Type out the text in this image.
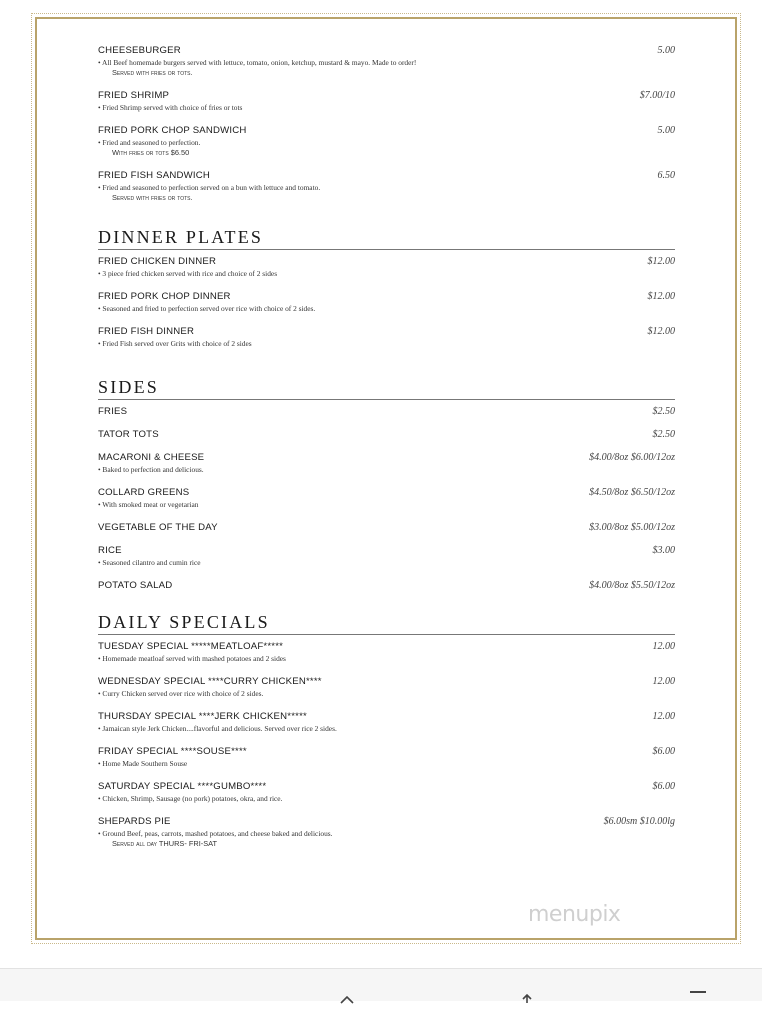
CHEESEBURGER	5.00
• All Beef homemade burgers served with lettuce, tomato, onion, ketchup, mustard & mayo. Made to order!
Served with fries or tots.
FRIED SHRIMP	$7.00/10
• Fried Shrimp served with choice of fries or tots
FRIED PORK CHOP SANDWICH	5.00
• Fried and seasoned to perfection.
With fries or tots $6.50
FRIED FISH SANDWICH	6.50
• Fried and seasoned to perfection served on a bun with lettuce and tomato.
Served with fries or tots.
DINNER PLATES
FRIED CHICKEN DINNER	$12.00
• 3 piece fried chicken served with rice and choice of 2 sides
FRIED PORK CHOP DINNER	$12.00
• Seasoned and fried to perfection served over rice with choice of 2 sides.
FRIED FISH DINNER	$12.00
• Fried Fish served over Grits with choice of 2 sides
SIDES
FRIES	$2.50
TATOR TOTS	$2.50
MACARONI & CHEESE	$4.00/8oz $6.00/12oz
• Baked to perfection and delicious.
COLLARD GREENS	$4.50/8oz $6.50/12oz
• With smoked meat or vegetarian
VEGETABLE OF THE DAY	$3.00/8oz $5.00/12oz
RICE	$3.00
• Seasoned cilantro and cumin rice
POTATO SALAD	$4.00/8oz $5.50/12oz
DAILY SPECIALS
TUESDAY SPECIAL *****MEATLOAF*****	12.00
• Homemade meatloaf served with mashed potatoes and 2 sides
WEDNESDAY SPECIAL ****CURRY CHICKEN****	12.00
• Curry Chicken served over rice with choice of 2 sides.
THURSDAY SPECIAL ****JERK CHICKEN*****	12.00
• Jamaican style Jerk Chicken....flavorful and delicious. Served over rice 2 sides.
FRIDAY SPECIAL ****SOUSE****	$6.00
• Home Made Southern Souse
SATURDAY SPECIAL ****GUMBO****	$6.00
• Chicken, Shrimp, Sausage (no pork) potatoes, okra, and rice.
SHEPARDS PIE	$6.00sm $10.00lg
• Ground Beef, peas, carrots, mashed potatoes, and cheese baked and delicious.
Served all day THURS- FRI-SAT
menupix
